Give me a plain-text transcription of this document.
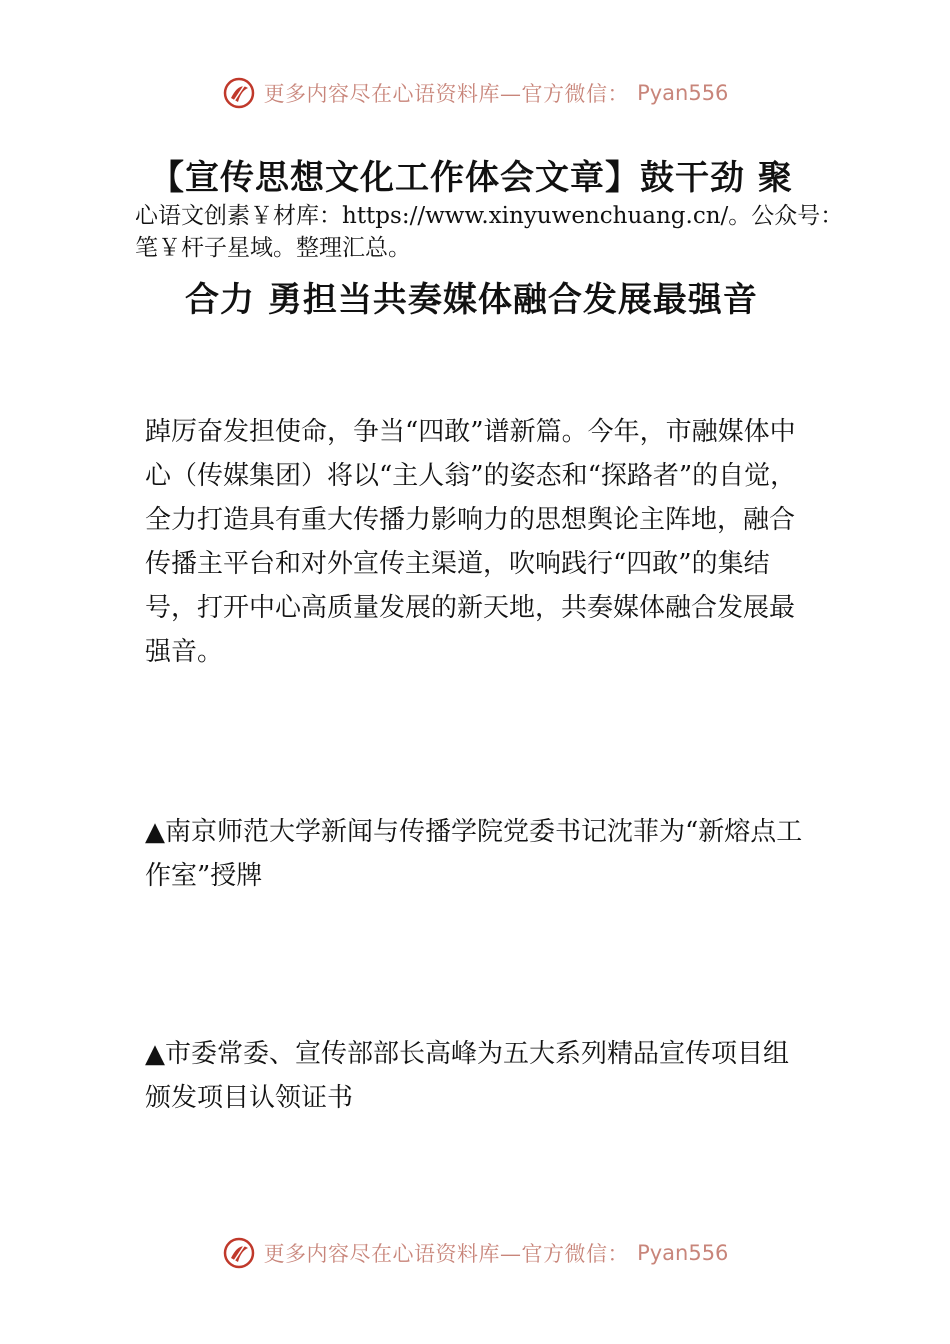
更多内容尽在心语资料库—官方微信： Pyan556
【宣传思想文化工作体会文章】鼓干劲 聚
心语文创素￥材库：https://www.xinyuwenchuang.cn/。公众号：笔￥杆子星域。整理汇总。
合力 勇担当共奏媒体融合发展最强音
踔厉奋发担使命，争当“四敢”谱新篇。今年，市融媒体中心（传媒集团）将以“主人翁”的姿态和“探路者”的自觉，全力打造具有重大传播力影响力的思想舆论主阵地，融合传播主平台和对外宣传主渠道，吹响践行“四敢”的集结号，打开中心高质量发展的新天地，共奏媒体融合发展最强音。
▲南京师范大学新闻与传播学院党委书记沈菲为“新熔点工作室”授牌
▲市委常委、宣传部部长高峰为五大系列精品宣传项目组颁发项目认领证书
更多内容尽在心语资料库—官方微信： Pyan556
